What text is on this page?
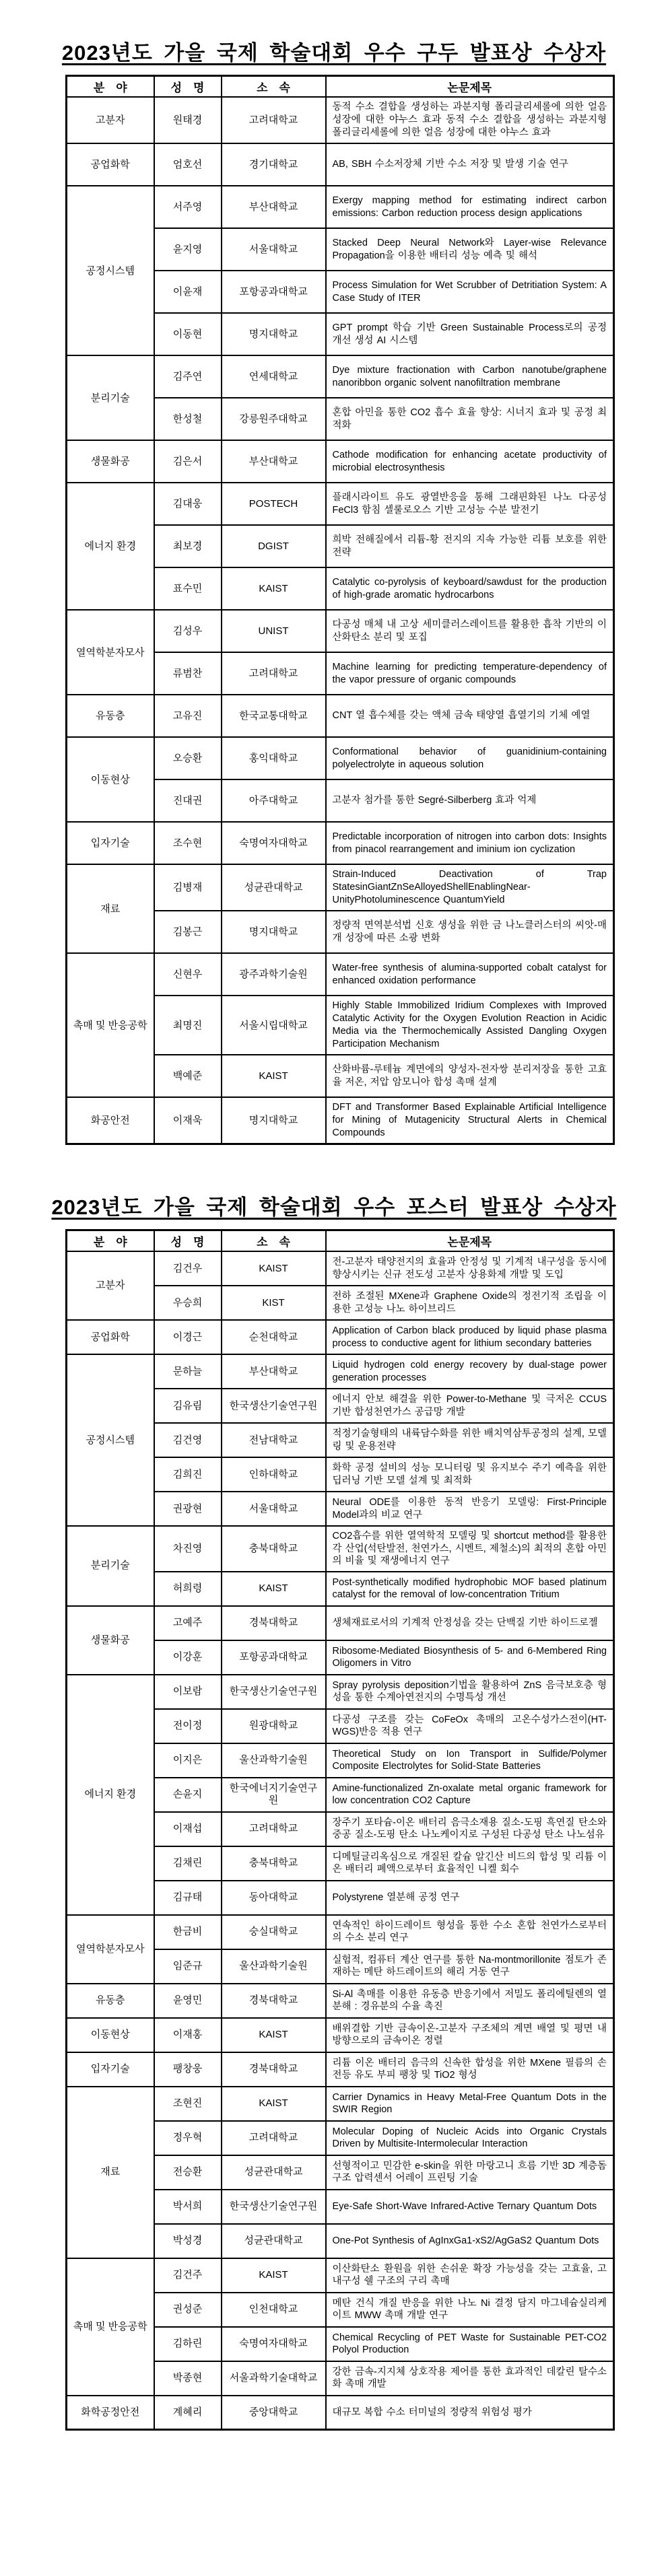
2023년도 가을 국제 학술대회 우수 구두 발표상 수상자
분　야	성　명	소　속	논문제목
고분자	원태경	고려대학교	동적 수소 결합을 생성하는 과분지형 폴리글리세롤에 의한 얼음 성장에 대한 야누스 효과 동적 수소 결합을 생성하는 과분지형 폴리글리세롤에 의한 얼음 성장에 대한 야누스 효과
공업화학	엄호선	경기대학교	AB, SBH 수소저장체 기반 수소 저장 및 발생 기술 연구
공정시스템	서주영	부산대학교	Exergy mapping method for estimating indirect carbon emissions: Carbon reduction process design applications
	윤지영	서울대학교	Stacked Deep Neural Network와 Layer-wise Relevance Propagation을 이용한 배터리 성능 예측 및 해석
	이윤재	포항공과대학교	Process Simulation for Wet Scrubber of Detritiation System: A Case Study of ITER
	이동현	명지대학교	GPT prompt 학습 기반 Green Sustainable Process로의 공정 개선 생성 AI 시스템
분리기술	김주연	연세대학교	Dye mixture fractionation with Carbon nanotube/graphene nanoribbon organic solvent nanofiltration membrane
	한성철	강릉원주대학교	혼합 아민을 통한 CO2 흡수 효율 향상: 시너지 효과 및 공정 최적화
생물화공	김은서	부산대학교	Cathode modification for enhancing acetate productivity of microbial electrosynthesis
에너지 환경	김대웅	POSTECH	플래시라이트 유도 광열반응을 통해 그래핀화된 나노 다공성 FeCl3 함침 셀룰로오스 기반 고성능 수분 발전기
	최보경	DGIST	희박 전해질에서 리튬-황 전지의 지속 가능한 리튬 보호를 위한 전략
	표수민	KAIST	Catalytic co-pyrolysis of keyboard/sawdust for the production of high-grade aromatic hydrocarbons
열역학분자모사	김성우	UNIST	다공성 매체 내 고상 세미클러스레이트를 활용한 흡착 기반의 이산화탄소 분리 및 포집
	류범찬	고려대학교	Machine learning for predicting temperature-dependency of the vapor pressure of organic compounds
유동층	고유진	한국교통대학교	CNT 열 흡수체를 갖는 액체 금속 태양열 흡열기의 기체 예열
이동현상	오승환	홍익대학교	Conformational behavior of guanidinium-containing polyelectrolyte in aqueous solution
	진대권	아주대학교	고분자 첨가를 통한 Segré-Silberberg 효과 억제
입자기술	조수현	숙명여자대학교	Predictable incorporation of nitrogen into carbon dots: Insights from pinacol rearrangement and iminium ion cyclization
재료	김병재	성균관대학교	Strain-Induced Deactivation of Trap StatesinGiantZnSeAlloyedShellEnablingNear-UnityPhotoluminescence QuantumYield
	김봉근	명지대학교	정량적 면역분석법 신호 생성을 위한 금 나노클러스터의 씨앗-매개 성장에 따른 소광 변화
촉매 및 반응공학	신현우	광주과학기술원	Water-free synthesis of alumina-supported cobalt catalyst for enhanced oxidation performance
	최명진	서울시립대학교	Highly Stable Immobilized Iridium Complexes with Improved Catalytic Activity for the Oxygen Evolution Reaction in Acidic Media via the Thermochemically Assisted Dangling Oxygen Participation Mechanism
	백예준	KAIST	산화바륨-루테늄 계면에의 양성자-전자쌍 분리저장을 통한 고효율 저온, 저압 암모니아 합성 촉매 설계
화공안전	이재욱	명지대학교	DFT and Transformer Based Explainable Artificial Intelligence for Mining of Mutagenicity Structural Alerts in Chemical Compounds
2023년도 가을 국제 학술대회 우수 포스터 발표상 수상자
분　야	성　명	소　속	논문제목
고분자	김건우	KAIST	전-고분자 태양전지의 효율과 안정성 및 기계적 내구성을 동시에 향상시키는 신규 전도성 고분자 상용화제 개발 및 도입
	우승희	KIST	전하 조절된 MXene과 Graphene Oxide의 정전기적 조립을 이용한 고성능 나노 하이브리드
공업화학	이경근	순천대학교	Application of Carbon black produced by liquid phase plasma process to conductive agent for lithium secondary batteries
공정시스템	문하늘	부산대학교	Liquid hydrogen cold energy recovery by dual-stage power generation processes
	김유림	한국생산기술연구원	에너지 안보 해결을 위한 Power-to-Methane 및 극저온 CCUS 기반 합성천연가스 공급망 개발
	김건영	전남대학교	적정기술형태의 내륙담수화를 위한 배치역삼투공정의 설계, 모델링 및 운용전략
	김희진	인하대학교	화학 공정 설비의 성능 모니터링 및 유지보수 주기 예측을 위한 딥러닝 기반 모델 설계 및 최적화
	권광현	서울대학교	Neural ODE를 이용한 동적 반응기 모델링: First-Principle Model과의 비교 연구
분리기술	차진영	충북대학교	CO2흡수를 위한 열역학적 모델링 및 shortcut method를 활용한 각 산업(석탄발전, 천연가스, 시멘트, 제철소)의 최적의 혼합 아민의 비율 및 재생에너지 연구
	허희령	KAIST	Post-synthetically modified hydrophobic MOF based platinum catalyst for the removal of low-concentration Tritium
생물화공	고예주	경북대학교	생체재료로서의 기계적 안정성을 갖는 단백질 기반 하이드로젤
	이강훈	포항공과대학교	Ribosome-Mediated Biosynthesis of 5- and 6-Membered Ring Oligomers in Vitro
에너지 환경	이보람	한국생산기술연구원	Spray pyrolysis deposition기법을 활용하여 ZnS 음극보호층 형성을 통한 수계아연전지의 수명특성 개선
	전이정	원광대학교	다공성 구조를 갖는 CoFeOx 촉매의 고온수성가스전이(HT-WGS)반응 적용 연구
	이지은	울산과학기술원	Theoretical Study on Ion Transport in Sulfide/Polymer Composite Electrolytes for Solid-State Batteries
	손윤지	한국에너지기술연구원	Amine-functionalized Zn-oxalate metal organic framework for low concentration CO2 Capture
	이재섭	고려대학교	장주기 포타슘-이온 배터리 음극소재용 질소-도핑 흑연질 탄소와 중공 질소-도핑 탄소 나노케이지로 구성된 다공성 탄소 나노섬유
	김채린	충북대학교	디메틸글리옥심으로 개질된 칼슘 알긴산 비드의 합성 및 리튬 이온 배터리 폐액으로부터 효율적인 니켈 회수
	김규태	동아대학교	Polystyrene 열분해 공정 연구
열역학분자모사	한금비	숭실대학교	연속적인 하이드레이트 형성을 통한 수소 혼합 천연가스로부터의 수소 분리 연구
	임준규	울산과학기술원	실험적, 컴퓨터 계산 연구를 통한 Na-montmorillonite 점토가 존재하는 메탄 하드레이트의 해리 거동 연구
유동층	윤영민	경북대학교	Si-Al 촉매를 이용한 유동층 반응기에서 저밀도 폴리에틸렌의 열분해 : 경유분의 수율 촉진
이동현상	이재홍	KAIST	배위결합 기반 금속이온-고분자 구조체의 계면 배열 및 평면 내 방향으로의 금속이온 정렬
입자기술	팽창웅	경북대학교	리튬 이온 배터리 음극의 신속한 합성을 위한 MXene 필름의 손전등 유도 부피 팽창 및 TiO2 형성
재료	조현진	KAIST	Carrier Dynamics in Heavy Metal-Free Quantum Dots in the SWIR Region
	정우혁	고려대학교	Molecular Doping of Nucleic Acids into Organic Crystals Driven by Multisite-Intermolecular Interaction
	전승환	성균관대학교	선형적이고 민감한 e-skin을 위한 마랑고니 흐름 기반 3D 계층돔 구조 압력센서 어레이 프린팅 기술
	박서희	한국생산기술연구원	Eye-Safe Short-Wave Infrared-Active Ternary Quantum Dots
	박성경	성균관대학교	One-Pot Synthesis of AgInxGa1-xS2/AgGaS2 Quantum Dots
촉매 및 반응공학	김건주	KAIST	이산화탄소 환원을 위한 손쉬운 확장 가능성을 갖는 고효율, 고내구성 쉘 구조의 구리 촉매
	권성준	인천대학교	메탄 건식 개질 반응을 위한 나노 Ni 결정 담지 마그네슘실리케이트 MWW 촉매 개발 연구
	김하린	숙명여자대학교	Chemical Recycling of PET Waste for Sustainable PET-CO2 Polyol Production
	박종현	서울과학기술대학교	강한 금속-지지체 상호작용 제어를 통한 효과적인 데칼린 탈수소화 촉매 개발
화학공정안전	계혜리	중앙대학교	대규모 복합 수소 터미널의 정량적 위험성 평가
